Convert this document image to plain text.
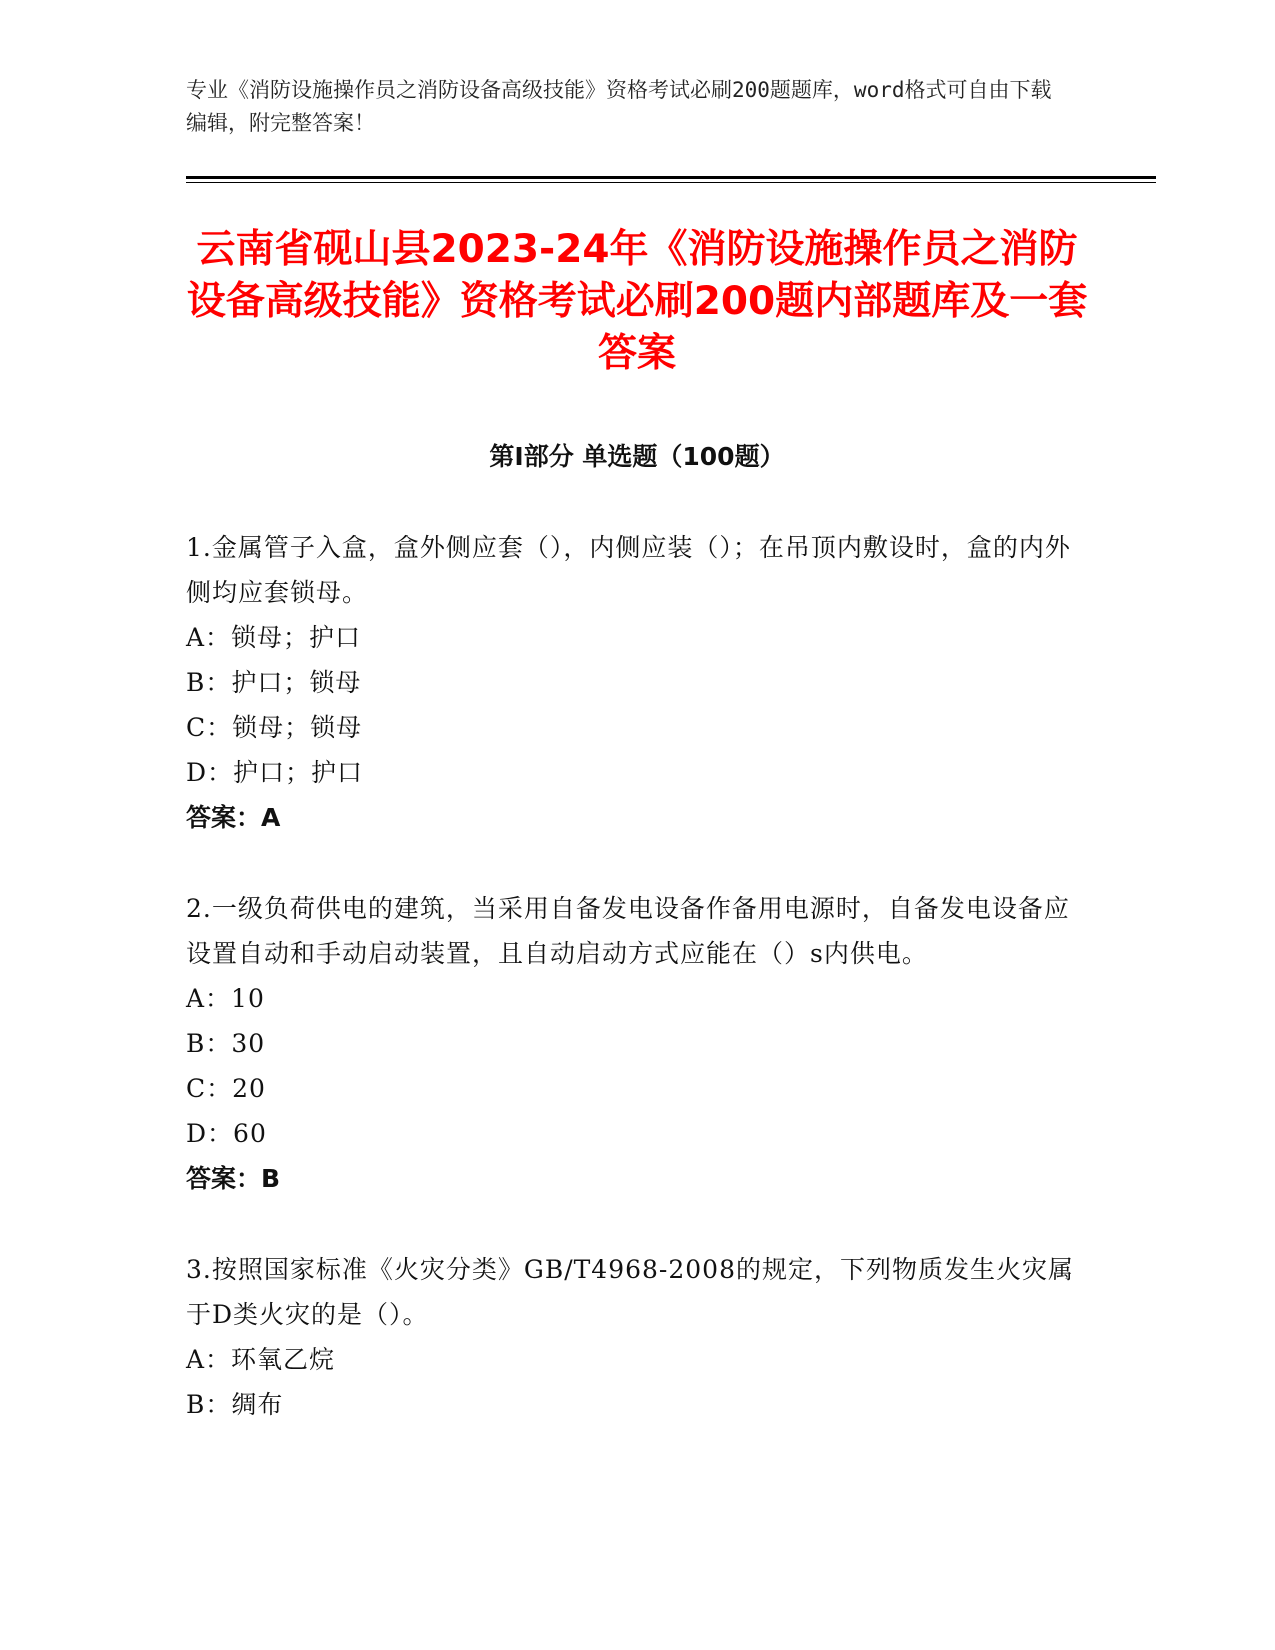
专业《消防设施操作员之消防设备高级技能》资格考试必刷200题题库，word格式可自由下载编辑，附完整答案！
云南省砚山县2023-24年《消防设施操作员之消防设备高级技能》资格考试必刷200题内部题库及一套答案
第Ⅰ部分 单选题（100题）
1.金属管子入盒，盒外侧应套（），内侧应装（）；在吊顶内敷设时，盒的内外侧均应套锁母。
A：锁母；护口
B：护口；锁母
C：锁母；锁母
D：护口；护口
答案：A
2.一级负荷供电的建筑，当采用自备发电设备作备用电源时，自备发电设备应设置自动和手动启动装置，且自动启动方式应能在（）s内供电。
A：10
B：30
C：20
D：60
答案：B
3.按照国家标准《火灾分类》GB/T4968-2008的规定，下列物质发生火灾属于D类火灾的是（）。
A：环氧乙烷
B：绸布
